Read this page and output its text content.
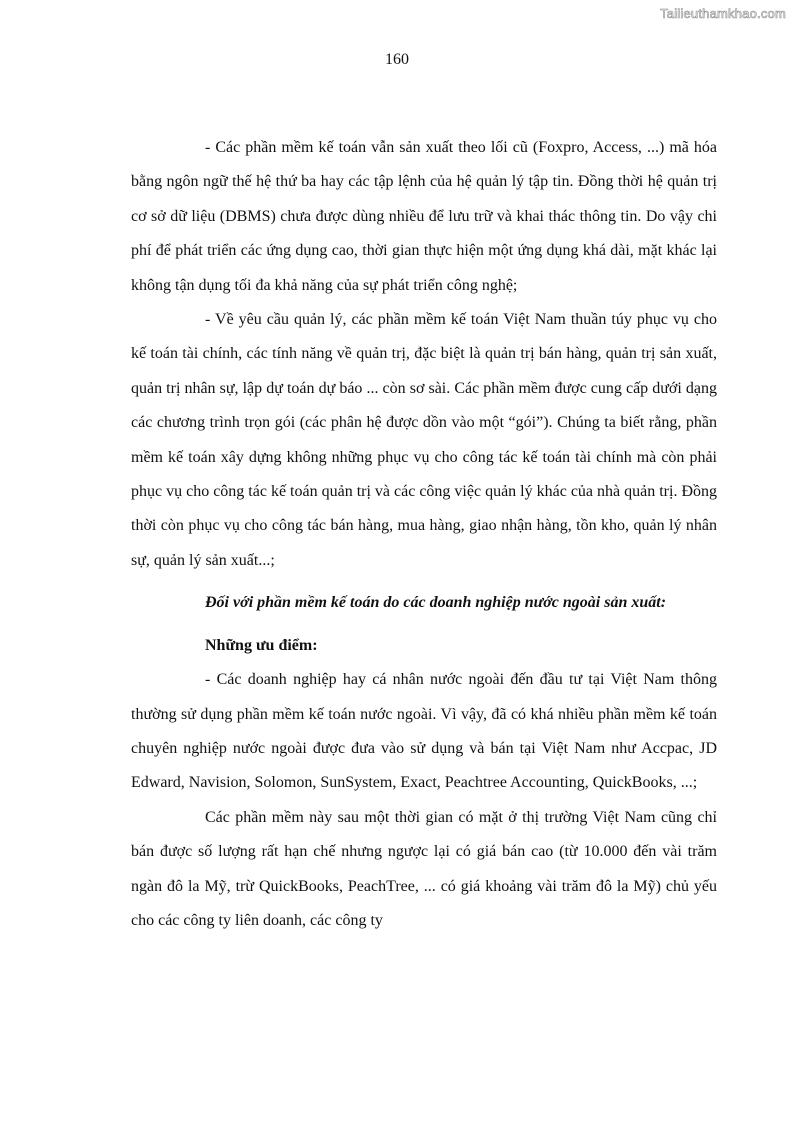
Tailieuthamkhao.com
160

- Các phần mềm kế toán vẫn sản xuất theo lối cũ (Foxpro, Access, ...) mã hóa bằng ngôn ngữ thế hệ thứ ba hay các tập lệnh của hệ quản lý tập tin. Đồng thời hệ quản trị cơ sở dữ liệu (DBMS) chưa được dùng nhiều để lưu trữ và khai thác thông tin. Do vậy chi phí để phát triển các ứng dụng cao, thời gian thực hiện một ứng dụng khá dài, mặt khác lại không tận dụng tối đa khả năng của sự phát triển công nghệ;

- Về yêu cầu quản lý, các phần mềm kế toán Việt Nam thuần túy phục vụ cho kế toán tài chính, các tính năng về quản trị, đặc biệt là quản trị bán hàng, quản trị sản xuất, quản trị nhân sự, lập dự toán dự báo ... còn sơ sài. Các phần mềm được cung cấp dưới dạng các chương trình trọn gói (các phân hệ được dồn vào một “gói”). Chúng ta biết rằng, phần mềm kế toán xây dựng không những phục vụ cho công tác kế toán tài chính mà còn phải phục vụ cho công tác kế toán quản trị và các công việc quản lý khác của nhà quản trị. Đồng thời còn phục vụ cho công tác bán hàng, mua hàng, giao nhận hàng, tồn kho, quản lý nhân sự, quản lý sản xuất...;

Đối với phần mềm kế toán do các doanh nghiệp nước ngoài sản xuất:

Những ưu điểm:

- Các doanh nghiệp hay cá nhân nước ngoài đến đầu tư tại Việt Nam thông thường sử dụng phần mềm kế toán nước ngoài. Vì vậy, đã có khá nhiều phần mềm kế toán chuyên nghiệp nước ngoài được đưa vào sử dụng và bán tại Việt Nam như Accpac, JD Edward, Navision, Solomon, SunSystem, Exact, Peachtree Accounting, QuickBooks, ...;

Các phần mềm này sau một thời gian có mặt ở thị trường Việt Nam cũng chỉ bán được số lượng rất hạn chế nhưng ngược lại có giá bán cao (từ 10.000 đến vài trăm ngàn đô la Mỹ, trừ QuickBooks, PeachTree, ... có giá khoảng vài trăm đô la Mỹ) chủ yếu cho các công ty liên doanh, các công ty
